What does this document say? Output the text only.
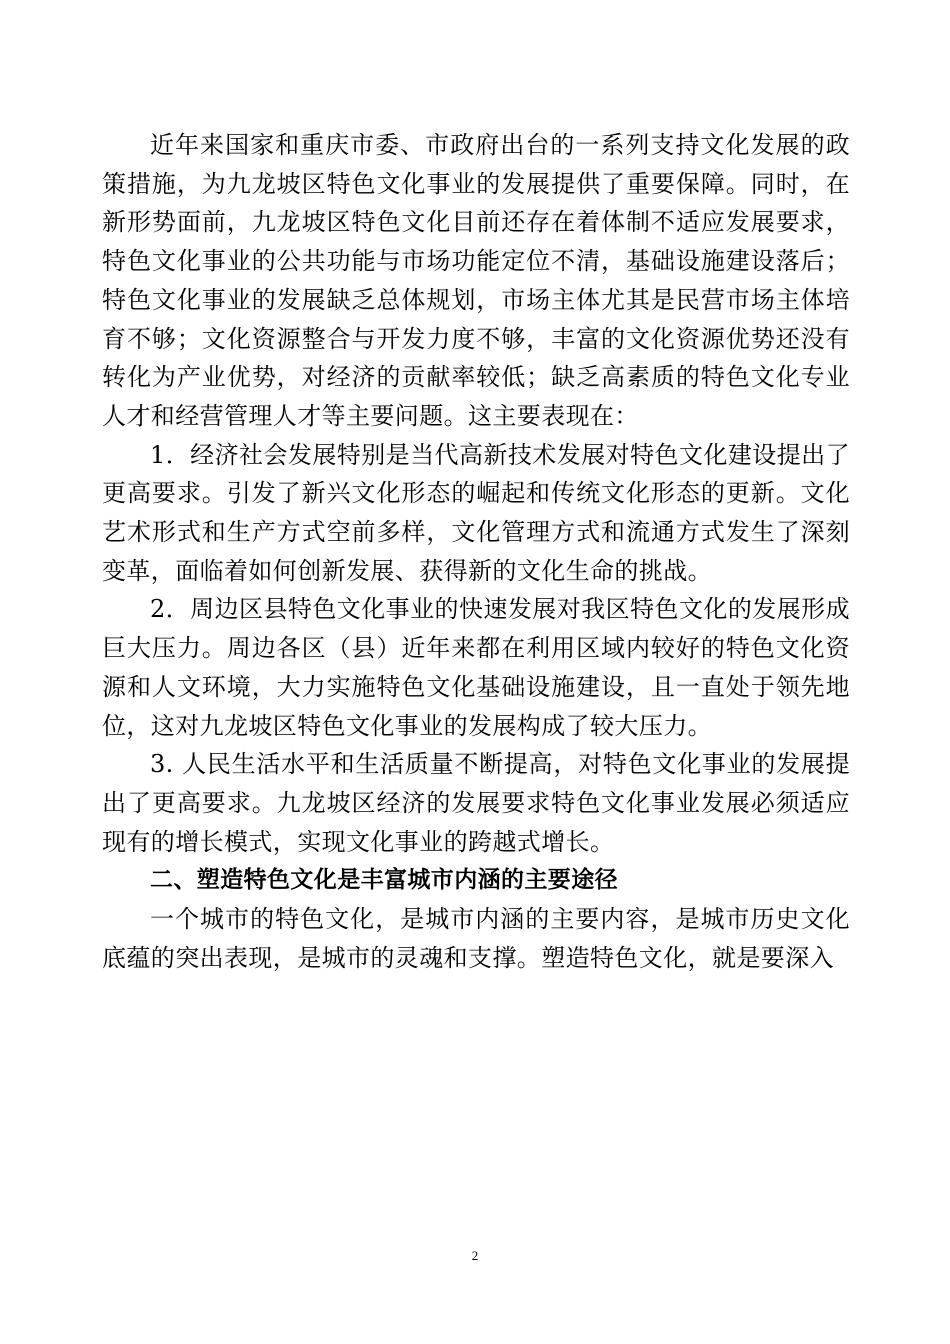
近年来国家和重庆市委、市政府出台的一系列支持文化发展的政策措施，为九龙坡区特色文化事业的发展提供了重要保障。同时，在新形势面前，九龙坡区特色文化目前还存在着体制不适应发展要求，特色文化事业的公共功能与市场功能定位不清，基础设施建设落后；特色文化事业的发展缺乏总体规划，市场主体尤其是民营市场主体培育不够；文化资源整合与开发力度不够，丰富的文化资源优势还没有转化为产业优势，对经济的贡献率较低；缺乏高素质的特色文化专业人才和经营管理人才等主要问题。这主要表现在：

1．经济社会发展特别是当代高新技术发展对特色文化建设提出了更高要求。引发了新兴文化形态的崛起和传统文化形态的更新。文化艺术形式和生产方式空前多样，文化管理方式和流通方式发生了深刻变革，面临着如何创新发展、获得新的文化生命的挑战。

2．周边区县特色文化事业的快速发展对我区特色文化的发展形成巨大压力。周边各区（县）近年来都在利用区域内较好的特色文化资源和人文环境，大力实施特色文化基础设施建设，且一直处于领先地位，这对九龙坡区特色文化事业的发展构成了较大压力。

3. 人民生活水平和生活质量不断提高，对特色文化事业的发展提出了更高要求。九龙坡区经济的发展要求特色文化事业发展必须适应现有的增长模式，实现文化事业的跨越式增长。

二、塑造特色文化是丰富城市内涵的主要途径

一个城市的特色文化，是城市内涵的主要内容，是城市历史文化底蕴的突出表现，是城市的灵魂和支撑。塑造特色文化，就是要深入

2
